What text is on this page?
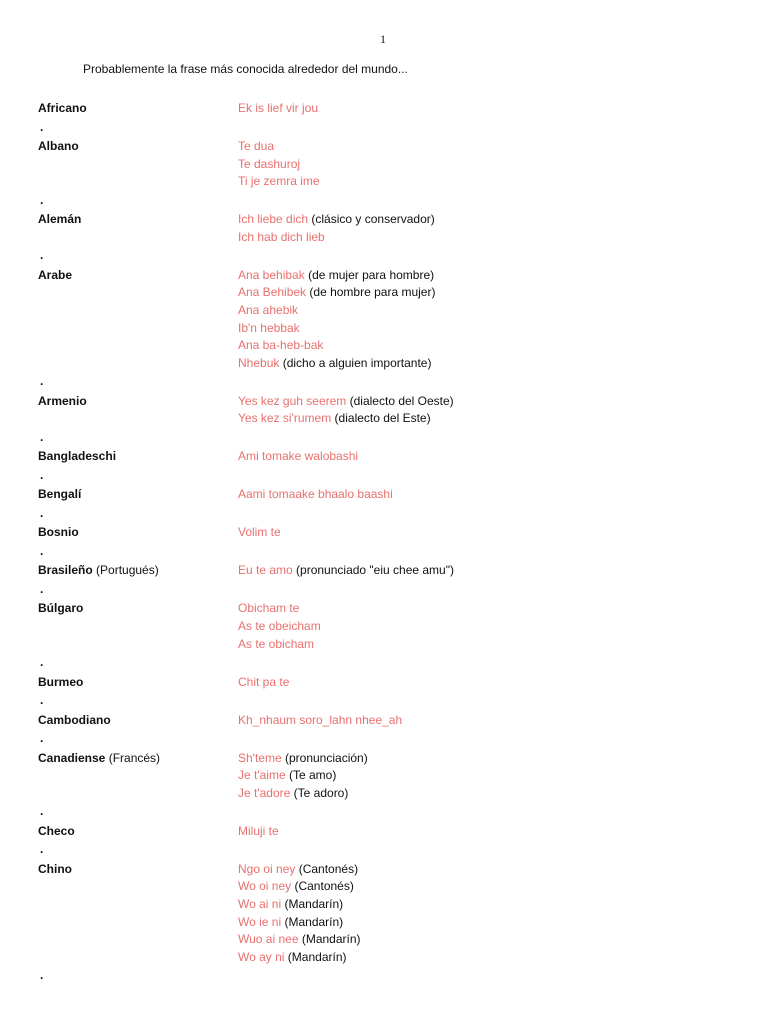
1
Probablemente la frase más conocida alrededor del mundo...
Africano	Ek is lief vir jou
.
Albano	Te dua
Te dashuroj
Ti je zemra ime
.
Alemán	Ich liebe dich (clásico y conservador)
Ich hab dich lieb
.
Arabe	Ana behibak (de mujer para hombre)
Ana Behibek (de hombre para mujer)
Ana ahebik
Ib'n hebbak
Ana ba-heb-bak
Nhebuk (dicho a alguien importante)
.
Armenio	Yes kez guh seerem (dialecto del Oeste)
Yes kez si'rumem (dialecto del Este)
.
Bangladeschi	Ami tomake walobashi
.
Bengalí	Aami tomaake bhaalo baashi
.
Bosnio	Volim te
.
Brasileño (Portugués)	Eu te amo (pronunciado "eiu chee amu")
.
Búlgaro	Obicham te
As te obeicham
As te obicham
.
Burmeo	Chit pa te
.
Cambodiano	Kh_nhaum soro_lahn nhee_ah
.
Canadiense (Francés)	Sh'teme (pronunciación)
Je t'aime (Te amo)
Je t'adore (Te adoro)
.
Checo	Miluji te
.
Chino	Ngo oi ney (Cantonés)
Wo oi ney (Cantonés)
Wo ai ni (Mandarín)
Wo ie ni (Mandarín)
Wuo ai nee (Mandarín)
Wo ay ni (Mandarín)
.
